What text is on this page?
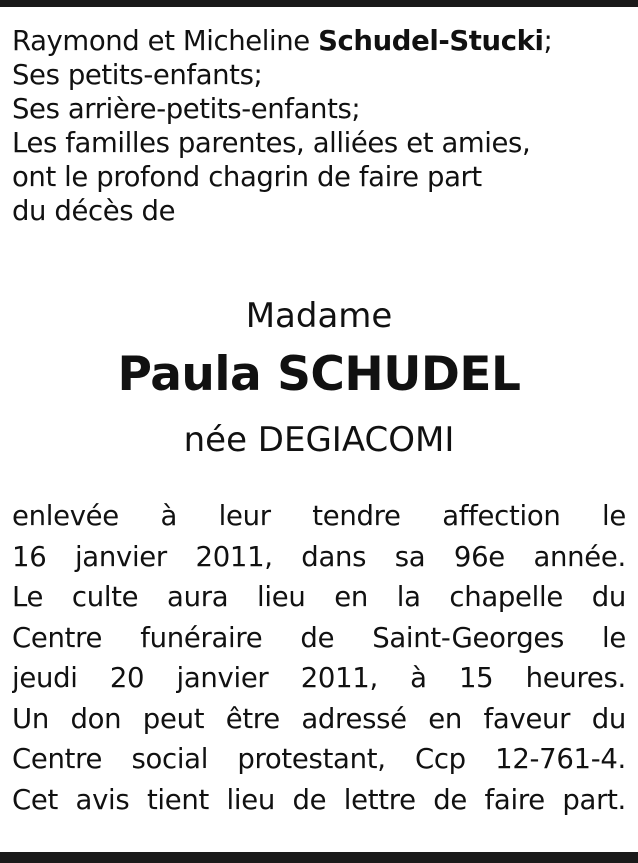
Raymond et Micheline Schudel-Stucki;
Ses petits-enfants;
Ses arrière-petits-enfants;
Les familles parentes, alliées et amies,
ont le profond chagrin de faire part
du décès de
Madame
Paula SCHUDEL
née DEGIACOMI
enlevée à leur tendre affection le
16 janvier 2011, dans sa 96e année.
Le culte aura lieu en la chapelle du
Centre funéraire de Saint-Georges le
jeudi 20 janvier 2011, à 15 heures.
Un don peut être adressé en faveur du
Centre social protestant, Ccp 12-761-4.
Cet avis tient lieu de lettre de faire part.
